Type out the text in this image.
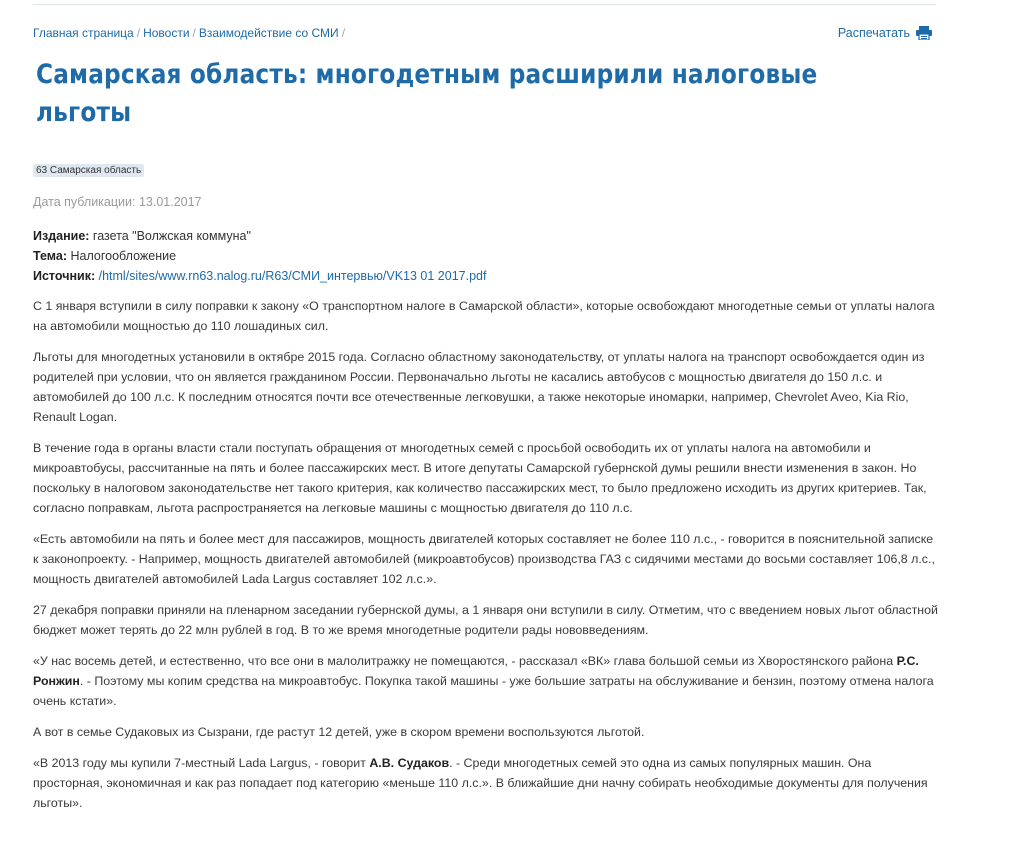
Главная страница / Новости / Взаимодействие со СМИ /	Распечатать
Самарская область: многодетным расширили налоговые льготы
63 Самарская область
Дата публикации: 13.01.2017
Издание: газета "Волжская коммуна"
Тема: Налогообложение
Источник: /html/sites/www.rn63.nalog.ru/R63/СМИ_интервью/VK13 01 2017.pdf

С 1 января вступили в силу поправки к закону «О транспортном налоге в Самарской области», которые освобождают многодетные семьи от уплаты налога на автомобили мощностью до 110 лошадиных сил.

Льготы для многодетных установили в октябре 2015 года. Согласно областному законодательству, от уплаты налога на транспорт освобождается один из родителей при условии, что он является гражданином России. Первоначально льготы не касались автобусов с мощностью двигателя до 150 л.с. и автомобилей до 100 л.с. К последним относятся почти все отечественные легковушки, а также некоторые иномарки, например, Chevrolet Aveo, Kia Rio, Renault Logan.

В течение года в органы власти стали поступать обращения от многодетных семей с просьбой освободить их от уплаты налога на автомобили и микроавтобусы, рассчитанные на пять и более пассажирских мест. В итоге депутаты Самарской губернской думы решили внести изменения в закон. Но поскольку в налоговом законодательстве нет такого критерия, как количество пассажирских мест, то было предложено исходить из других критериев. Так, согласно поправкам, льгота распространяется на легковые машины с мощностью двигателя до 110 л.с.

«Есть автомобили на пять и более мест для пассажиров, мощность двигателей которых составляет не более 110 л.с., - говорится в пояснительной записке к законопроекту. - Например, мощность двигателей автомобилей (микроавтобусов) производства ГАЗ с сидячими местами до восьми составляет 106,8 л.с., мощность двигателей автомобилей Lada Largus составляет 102 л.с.».

27 декабря поправки приняли на пленарном заседании губернской думы, а 1 января они вступили в силу. Отметим, что с введением новых льгот областной бюджет может терять до 22 млн рублей в год. В то же время многодетные родители рады нововведениям.

«У нас восемь детей, и естественно, что все они в малолитражку не помещаются, - рассказал «ВК» глава большой семьи из Хворостянского района Р.С. Ронжин. - Поэтому мы копим средства на микроавтобус. Покупка такой машины - уже большие затраты на обслуживание и бензин, поэтому отмена налога очень кстати».

А вот в семье Судаковых из Сызрани, где растут 12 детей, уже в скором времени воспользуются льготой.

«В 2013 году мы купили 7-местный Lada Largus, - говорит А.В. Судаков. - Среди многодетных семей это одна из самых популярных машин. Она просторная, экономичная и как раз попадает под категорию «меньше 110 л.с.». В ближайшие дни начну собирать необходимые документы для получения льготы».
